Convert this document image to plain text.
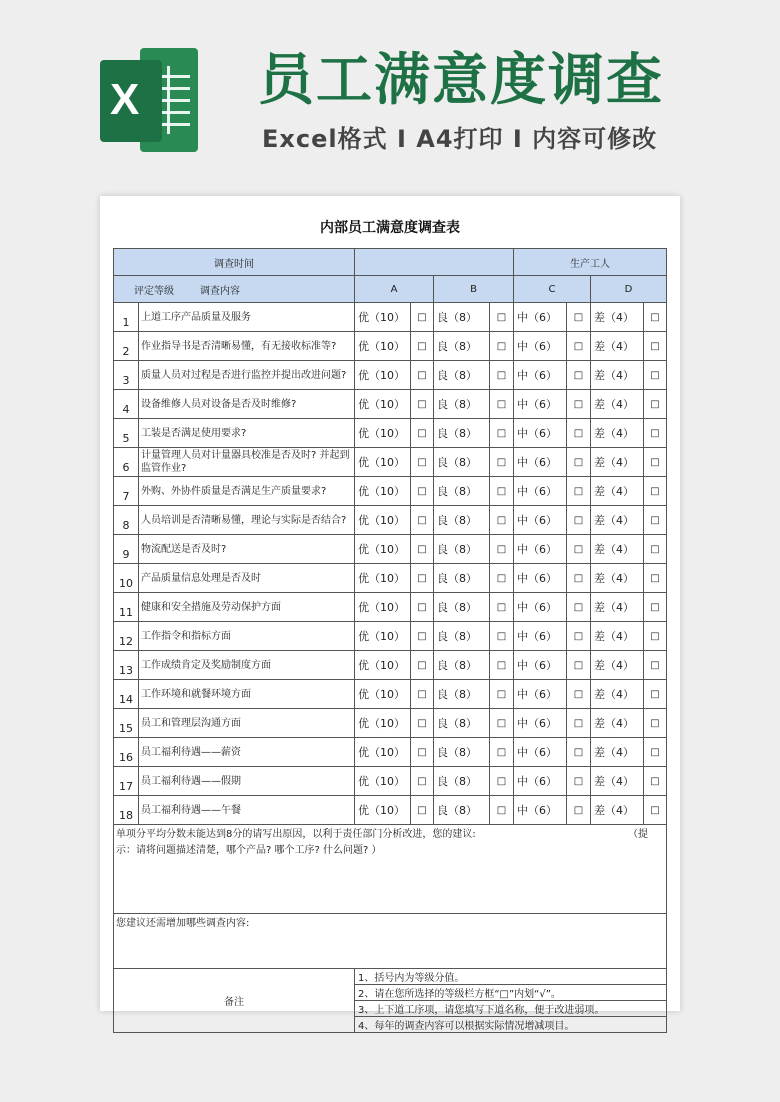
X 员工满意度调查
Excel格式 I A4打印 I 内容可修改
内部员工满意度调查表
调查时间						生产工人			
评定等级 调查内容		A		B		C		D	
1	上道工序产品质量及服务	优（10）	□	良（8）	□	中（6）	□	差（4）	□
2	作业指导书是否清晰易懂，有无接收标准等?	优（10）	□	良（8）	□	中（6）	□	差（4）	□
3	质量人员对过程是否进行监控并提出改进问题?	优（10）	□	良（8）	□	中（6）	□	差（4）	□
4	设备维修人员对设备是否及时维修?	优（10）	□	良（8）	□	中（6）	□	差（4）	□
5	工装是否满足使用要求?	优（10）	□	良（8）	□	中（6）	□	差（4）	□
6	计量管理人员对计量器具校准是否及时? 并起到监管作业?	优（10）	□	良（8）	□	中（6）	□	差（4）	□
7	外购、外协件质量是否满足生产质量要求?	优（10）	□	良（8）	□	中（6）	□	差（4）	□
8	人员培训是否清晰易懂，理论与实际是否结合?	优（10）	□	良（8）	□	中（6）	□	差（4）	□
9	物流配送是否及时?	优（10）	□	良（8）	□	中（6）	□	差（4）	□
10	产品质量信息处理是否及时	优（10）	□	良（8）	□	中（6）	□	差（4）	□
11	健康和安全措施及劳动保护方面	优（10）	□	良（8）	□	中（6）	□	差（4）	□
12	工作指令和指标方面	优（10）	□	良（8）	□	中（6）	□	差（4）	□
13	工作成绩肯定及奖励制度方面	优（10）	□	良（8）	□	中（6）	□	差（4）	□
14	工作环境和就餐环境方面	优（10）	□	良（8）	□	中（6）	□	差（4）	□
15	员工和管理层沟通方面	优（10）	□	良（8）	□	中（6）	□	差（4）	□
16	员工福利待遇——薪资	优（10）	□	良（8）	□	中（6）	□	差（4）	□
17	员工福利待遇——假期	优（10）	□	良（8）	□	中（6）	□	差（4）	□
18	员工福利待遇——午餐	优（10）	□	良（8）	□	中（6）	□	差（4）	□

（提
单项分平均分数未能达到8分的请写出原因，以利于责任部门分析改进，您的建议:
示：请将问题描述清楚，哪个产品? 哪个工序? 什么问题? ）									
您建议还需增加哪些调查内容:									
备注		1、括号内为等级分值。							
		2、请在您所选择的等级栏方框“□”内划“√”。							
		3、上下道工序项，请您填写下道名称，便于改进弱项。							
		4、每年的调查内容可以根据实际情况增减项目。							
